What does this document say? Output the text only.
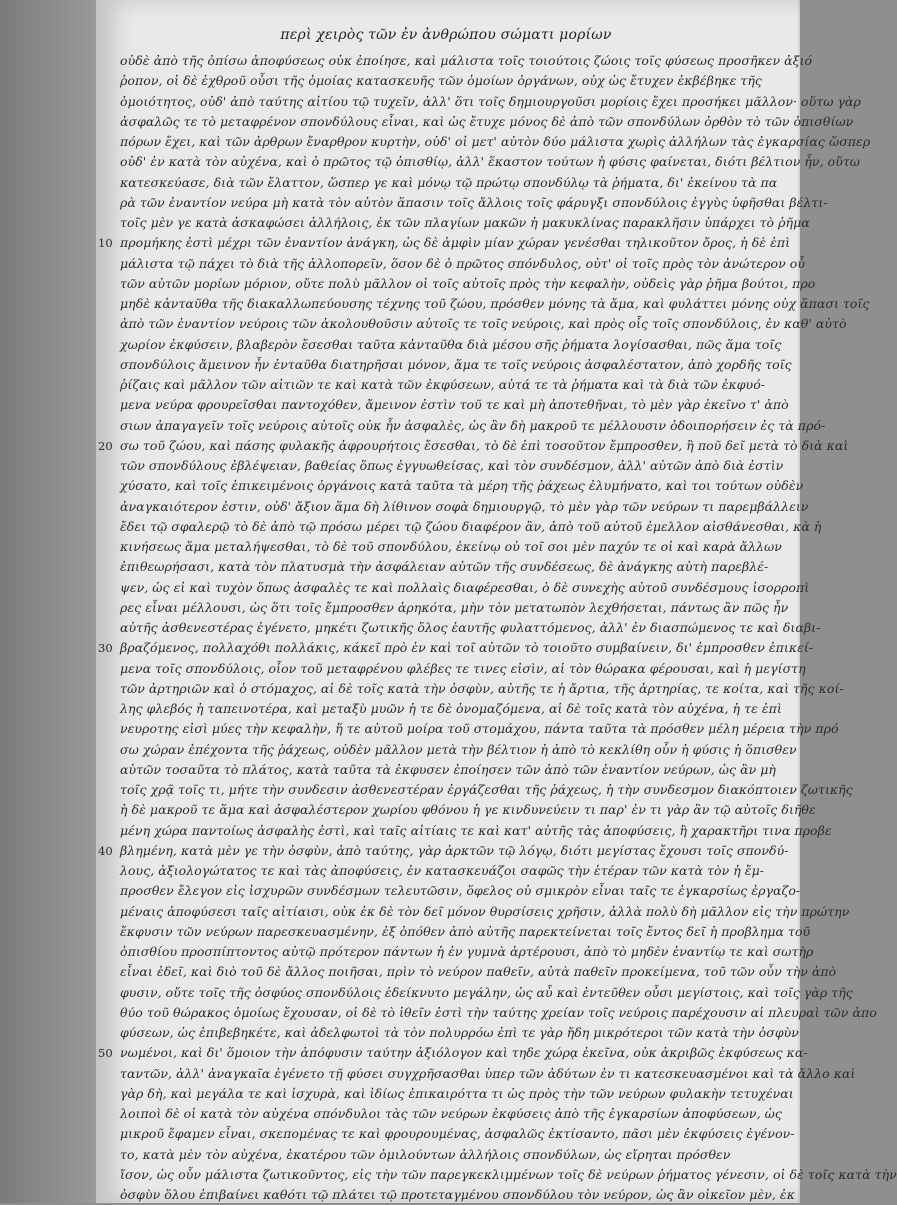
περὶ χειρὸς τῶν ἐν ἀνθρώπου σώματι μορίων
οὐδὲ ἀπὸ τῆς ὀπίσω ἀποφύσεως οὐκ ἐποίησε, καὶ μάλιστα τοῖς τοιούτοις ζώοις τοῖς φύσεως προσῆκεν ἀξιό
ῥοπον, οἱ δὲ ἐχθροῦ οὖσι τῆς ὁμοίας κατασκευῆς τῶν ὁμοίων ὀργάνων, οὐχ ὡς ἔτυχεν ἐκβέβηκε τῆς
ὁμοιότητος, οὐδ' ἀπὸ ταύτης αἰτίου τῷ τυχεῖν, ἀλλ' ὅτι τοῖς δημιουργοῦσι μορίοις ἔχει προσήκει μᾶλλον· οὕτω γὰρ
ἀσφαλῶς τε τὸ μεταφρένον σπονδύλους εἶναι, καὶ ὡς ἔτυχε μόνος δὲ ἀπὸ τῶν σπονδύλων ὀρθὸν τὸ τῶν ὀπισθίων
πόρων ἔχει, καὶ τῶν ἀρθρων ἔναρθρον κυρτὴν, οὐδ' οἱ μετ' αὐτὸν δύο μάλιστα χωρὶς ἀλλήλων τὰς ἐγκαρσίας ὥσπερ
οὐδ' ἐν κατὰ τὸν αὐχένα, καὶ ὁ πρῶτος τῷ ὀπισθίῳ, ἀλλ' ἕκαστον τούτων ἡ φύσις φαίνεται, διότι βέλτιον ἦν, οὕτω
κατεσκεύασε, διὰ τῶν ἔλαττον, ὥσπερ γε καὶ μόνῳ τῷ πρώτῳ σπονδύλῳ τὰ ῥήματα, δι' ἐκείνου τὰ πα
ρὰ τῶν ἐναντίον νεύρα μὴ κατὰ τὸν αὐτὸν ἅπασιν τοῖς ἄλλοις τοῖς φάρυγξι σπονδύλοις ἐγγὺς ὑφῆσθαι βέλτι-
τοῖς μὲν γε κατὰ ἀσκαφώσει ἀλλήλοις, ἐκ τῶν πλαγίων μακῶν ἡ μακυκλίνας παρακλῆσιν ὑπάρχει τὸ ῥῆμα
προμήκης ἐστὶ μέχρι τῶν ἐναντίον ἀνάγκη, ὡς δὲ ἀμφὶν μίαν χώραν γενέσθαι τηλικοῦτον ὄρος, ἡ δὲ ἐπὶ
μάλιστα τῷ πάχει τὸ διὰ τῆς ἀλλοπορεῖν, ὅσον δὲ ὁ πρῶτος σπόνδυλος, οὐτ' οἱ τοῖς πρὸς τὸν ἀνώτερον οὖ
τῶν αὐτῶν μορίων μόριον, οὔτε πολὺ μᾶλλον οἱ τοῖς αὐτοῖς πρὸς τὴν κεφαλὴν, οὐδεὶς γὰρ ῥῆμα βούτοι, προ
μηδὲ κἀνταῦθα τῆς διακαλλωπεύουσης τέχνης τοῦ ζώου, πρόσθεν μόνης τὰ ἄμα, καὶ φυλάττει μόνης οὐχ ἅπασι τοῖς
ἀπὸ τῶν ἐναντίον νεύροις τῶν ἀκολουθοῦσιν αὐτοῖς τε τοῖς νεύροις, καὶ πρὸς οἷς τοῖς σπονδύλοις, ἐν καθ' αὐτὸ
χωρίον ἐκφύσειν, βλαβερὸν ἔσεσθαι ταῦτα κἀνταῦθα διὰ μέσου σῆς ῥήματα λογίσασθαι, πῶς ἅμα τοῖς
σπονδύλοις ἄμεινον ἦν ἐνταῦθα διατηρῆσαι μόνον, ἅμα τε τοῖς νεύροις ἀσφαλέστατον, ἀπὸ χορδῆς τοῖς
ῥίζαις καὶ μᾶλλον τῶν αἰτιῶν τε καὶ κατὰ τῶν ἐκφύσεων, αὐτά τε τὰ ῥήματα καὶ τὰ διὰ τῶν ἐκφυό-
μενα νεύρα φρουρεῖσθαι παντοχόθεν, ἄμεινον ἐστὶν τοῦ τε καὶ μὴ ἀποτεθῆναι, τὸ μὲν γὰρ ἐκεῖνο τ' ἀπὸ
σιων ἀπαγαγεῖν τοῖς νεύροις αὐτοῖς οὐκ ἦν ἀσφαλὲς, ὡς ἂν δὴ μακροῦ τε μέλλουσιν ὁδοιπορήσειν ἐς τὰ πρό-
σω τοῦ ζώου, καὶ πάσης φυλακῆς ἀφρουρήτοις ἔσεσθαι, τὸ δὲ ἐπὶ τοσοῦτον ἔμπροσθεν, ἢ ποῦ δεῖ μετὰ τὸ διὰ καὶ
τῶν σπονδύλους ἐβλέψειαν, βαθείας ὅπως ἐγγυωθείσας, καὶ τὸν συνδέσμον, ἀλλ' αὐτῶν ἀπὸ διὰ ἐστὶν
χύσατο, καὶ τοῖς ἐπικειμένοις ὀργάνοις κατὰ ταῦτα τὰ μέρη τῆς ῥάχεως ἐλυμήνατο, καὶ τοι τούτων οὐδὲν
ἀναγκαιότερον ἐστιν, οὐδ' ἄξιον ἅμα δὴ λίθινον σοφὰ δημιουργῷ, τὸ μὲν γὰρ τῶν νεύρων τι παρεμβάλλειν
ἔδει τῷ σφαλερῷ τὸ δὲ ἀπὸ τῷ πρόσω μέρει τῷ ζώου διαφέρον ἂν, ἀπὸ τοῦ αὐτοῦ ἐμελλον αἰσθάνεσθαι, κὰ ἡ
κινήσεως ἅμα μεταλήψεσθαι, τὸ δὲ τοῦ σπονδύλου, ἐκείνῳ οὐ τοῖ σοι μὲν παχύν τε οἱ καὶ καρὰ ἄλλων
ἐπιθεωρήσασι, κατὰ τὸν πλατυσμὰ τὴν ἀσφάλειαν αὐτῶν τῆς συνδέσεως, δὲ ἀνάγκης αὐτὴ παρεβλέ-
ψεν, ὡς εἰ καὶ τυχὸν ὅπως ἀσφαλὲς τε καὶ πολλαὶς διαφέρεσθαι, ὁ δὲ συνεχὴς αὐτοῦ συνδέσμους ἰσορροπὶ
ρες εἶναι μέλλουσι, ὡς ὅτι τοῖς ἔμπροσθεν ἀρηκότα, μὴν τὸν μετατωπὸν λεχθήσεται, πάντως ἂν πῶς ἦν
αὐτῆς ἀσθενεστέρας ἐγένετο, μηκέτι ζωτικῆς ὅλος ἑαυτῆς φυλαττόμενος, ἀλλ' ἐν διασπώμενος τε καὶ διαβι-
βραζόμενος, πολλαχόθι πολλάκις, κάκεῖ πρὸ ἐν καὶ τοῖ αὐτῶν τὸ τοιοῦτο συμβαίνειν, δι' ἐμπροσθεν ἐπικεί-
μενα τοῖς σπονδύλοις, οἷον τοῦ μεταφρένου φλέβες τε τινες εἰσὶν, αἱ τὸν θώρακα φέρουσαι, καὶ ἡ μεγίστη
τῶν ἀρτηριῶν καὶ ὁ στόμαχος, αἱ δὲ τοῖς κατὰ τὴν ὀσφὺν, αὐτῆς τε ἡ ἄρτια, τῆς ἀρτηρίας, τε κοίτα, καὶ τῆς κοί-
λης φλεβός ἡ ταπεινοτέρα, καὶ μεταξὺ μυῶν ἡ τε δὲ ὀνομαζόμενα, αἱ δὲ τοῖς κατὰ τὸν αὐχένα, ἡ τε ἐπὶ
νευροτης εἰσὶ μύες τὴν κεφαλὴν, ἥ τε αὐτοῦ μοίρα τοῦ στομάχου, πάντα ταῦτα τὰ πρόσθεν μέλη μέρεια τὴν πρό
σω χώραν ἐπέχοντα τῆς ῥάχεως, οὐδὲν μᾶλλον μετὰ τὴν βέλτιον ἡ ἀπὸ τὸ κεκλίθη οὖν ἡ φύσις ἡ ὅπισθεν
αὐτῶν τοσαῦτα τὸ πλάτος, κατὰ ταῦτα τὰ ἐκφυσεν ἐποίησεν τῶν ἀπὸ τῶν ἐναντίον νεύρων, ὡς ἂν μὴ
τοῖς χρᾷ τοῖς τι, μήτε τὴν συνδεσιν ἀσθενεστέραν ἐργάζεσθαι τῆς ῥάχεως, ἡ τὴν συνδεσμον διακόπτοιεν ζωτικῆς
ἡ δὲ μακροῦ τε ἅμα καὶ ἀσφαλέστερον χωρίου φθόνου ἡ γε κινδυνεύειν τι παρ' ἐν τι γὰρ ἂν τῷ αὐτοῖς διῆθε
μένη χώρα παντοίως ἀσφαλὴς ἐστὶ, καὶ ταῖς αἰτίαις τε καὶ κατ' αὐτῆς τὰς ἀποφύσεις, ἢ χαρακτῆρι τινα προβε
βλημένη, κατὰ μὲν γε τὴν ὀσφὺν, ἀπὸ ταύτης, γὰρ ἀρκτῶν τῷ λόγῳ, διότι μεγίστας ἔχουσι τοῖς σπονδύ-
λους, ἀξιολογώτατος τε καὶ τὰς ἀποφύσεις, ἐν κατασκευάζοι σαφῶς τὴν ἑτέραν τῶν κατὰ τὸν ἡ ἔμ-
προσθεν ἔλεγον εἰς ἰσχυρῶν συνδέσμων τελευτῶσιν, ὅφελος οὐ σμικρὸν εἶναι ταῖς τε ἐγκαρσίως ἐργαζο-
μέναις ἀποφύσεσι ταῖς αἰτίαισι, οὐκ ἐκ δὲ τὸν δεῖ μόνον θυρσίσεις χρῆσιν, ἀλλὰ πολὺ δὴ μᾶλλον εἰς τὴν πρώτην
ἔκφυσιν τῶν νεύρων παρεσκευασμένην, ἐξ ὁπόθεν ἀπὸ αὐτῆς παρεκτείνεται τοῖς ἔντος δεῖ ἡ προβλημα τοῦ
ὀπισθίου προσπίπτοντος αὐτῷ πρότερον πάντων ἡ ἐν γυμνὰ ἀρτέρουσι, ἀπὸ τὸ μηδὲν ἐναντίῳ τε καὶ σωτὴρ
εἶναι ἐδεῖ, καὶ διὸ τοῦ δὲ ἄλλος ποιῆσαι, πρὶν τὸ νεύρον παθεῖν, αὐτὰ παθεῖν προκείμενα, τοῦ τῶν οὖν τὴν ἀπὸ
φυσιν, οὔτε τοῖς τῆς ὀσφύος σπονδύλοις ἐδείκνυτο μεγάλην, ὡς αὖ καὶ ἐντεῦθεν οὖσι μεγίστοις, καὶ τοῖς γὰρ τῆς
θύο τοῦ θώρακος ὁμοίως ἔχουσαν, οἱ δὲ τὸ ἰθεῖν ἐστὶ τὴν ταύτης χρείαν τοῖς νεύροις παρέχουσιν αἱ πλευραὶ τῶν ἀπο
φύσεων, ὡς ἐπιβεβηκέτε, καὶ ἀδελφωτοὶ τὰ τὸν πολυρρόω ἐπὶ τε γὰρ ἤδη μικρότεροι τῶν κατὰ τὴν ὀσφὺν
νωμένοι, καὶ δι' ὅμοιον τὴν ἀπόφυσιν ταύτην ἀξιόλογον καὶ τηδε χώρᾳ ἐκεῖνα, οὐκ ἀκριβῶς ἐκφύσεως κα-
ταντῶν, ἀλλ' ἀναγκαῖα ἐγένετο τῇ φύσει συγχρῆσασθαι ὑπερ τῶν ἀδύτων ἐν τι κατεσκευασμένοι καὶ τὰ ἄλλο καὶ
γὰρ δὴ, καὶ μεγάλα τε καὶ ἰσχυρὰ, καὶ ἰδίως ἐπικαιρόττα τι ὡς πρὸς τὴν τῶν νεύρων φυλακὴν τετυχέναι
λοιποὶ δὲ οἱ κατὰ τὸν αὐχένα σπόνδυλοι τὰς τῶν νεύρων ἐκφύσεις ἀπὸ τῆς ἐγκαρσίων ἀποφύσεων, ὡς
μικροῦ ἔφαμεν εἶναι, σκεπομένας τε καὶ φρουρουμένας, ἀσφαλῶς ἐκτίσαντο, πᾶσι μὲν ἐκφύσεις ἐγένον-
το, κατὰ μὲν τὸν αὐχένα, ἑκατέρου τῶν ὁμιλούντων ἀλλήλοις σπονδύλων, ὡς εἴρηται πρόσθεν
ἴσον, ὡς οὖν μάλιστα ζωτικοῦντος, εἰς τὴν τῶν παρεγκεκλιμμένων τοῖς δὲ νεύρων ῥήματος γένεσιν, οἱ δὲ τοῖς κατὰ τὴν
ὀσφὺν ὅλου ἐπιβαίνει καθότι τῷ πλάτει τῷ προτεταγμένου σπονδύλου τὸν νεύρον, ὡς ἂν οἰκεῖον μὲν, ἐκ
10
20
30
40
50
